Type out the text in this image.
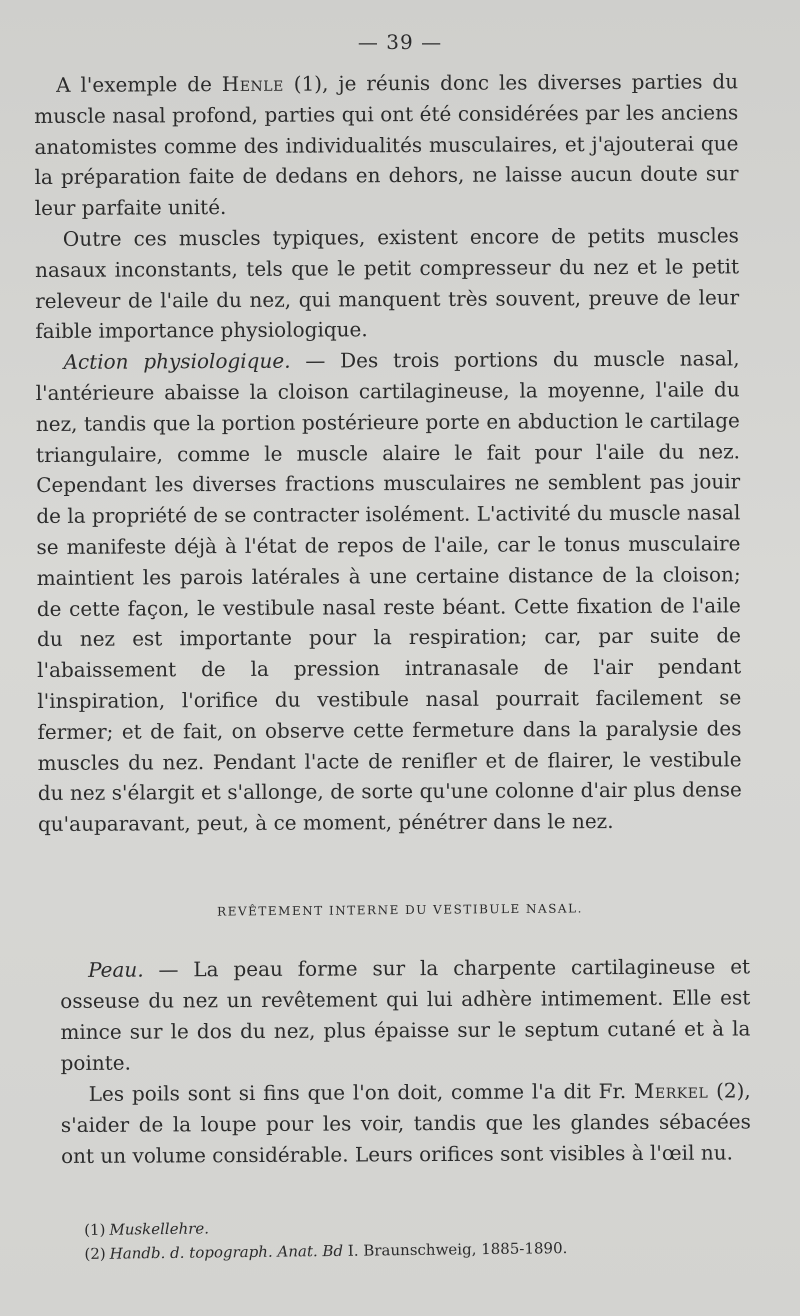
— 39 —

A l'exemple de Henle (1), je réunis donc les diverses parties du muscle nasal profond, parties qui ont été considérées par les anciens anatomistes comme des individualités musculaires, et j'ajouterai que la préparation faite de dedans en dehors, ne laisse aucun doute sur leur parfaite unité.

Outre ces muscles typiques, existent encore de petits muscles nasaux inconstants, tels que le petit compresseur du nez et le petit releveur de l'aile du nez, qui manquent très souvent, preuve de leur faible importance physiologique.

Action physiologique. — Des trois portions du muscle nasal, l'antérieure abaisse la cloison cartilagineuse, la moyenne, l'aile du nez, tandis que la portion postérieure porte en abduction le cartilage triangulaire, comme le muscle alaire le fait pour l'aile du nez. Cependant les diverses fractions musculaires ne semblent pas jouir de la propriété de se contracter isolément. L'activité du muscle nasal se manifeste déjà à l'état de repos de l'aile, car le tonus musculaire maintient les parois latérales à une certaine distance de la cloison; de cette façon, le vestibule nasal reste béant. Cette fixation de l'aile du nez est importante pour la respiration; car, par suite de l'abaissement de la pression intranasale de l'air pendant l'inspiration, l'orifice du vestibule nasal pourrait facilement se fermer; et de fait, on observe cette fermeture dans la paralysie des muscles du nez. Pendant l'acte de renifler et de flairer, le vestibule du nez s'élargit et s'allonge, de sorte qu'une colonne d'air plus dense qu'auparavant, peut, à ce moment, pénétrer dans le nez.

REVÊTEMENT INTERNE DU VESTIBULE NASAL.

Peau. — La peau forme sur la charpente cartilagineuse et osseuse du nez un revêtement qui lui adhère intimement. Elle est mince sur le dos du nez, plus épaisse sur le septum cutané et à la pointe.

Les poils sont si fins que l'on doit, comme l'a dit Fr. Merkel (2), s'aider de la loupe pour les voir, tandis que les glandes sébacées ont un volume considérable. Leurs orifices sont visibles à l'œil nu.

(1) Muskellehre.

(2) Handb. d. topograph. Anat. Bd I. Braunschweig, 1885-1890.
